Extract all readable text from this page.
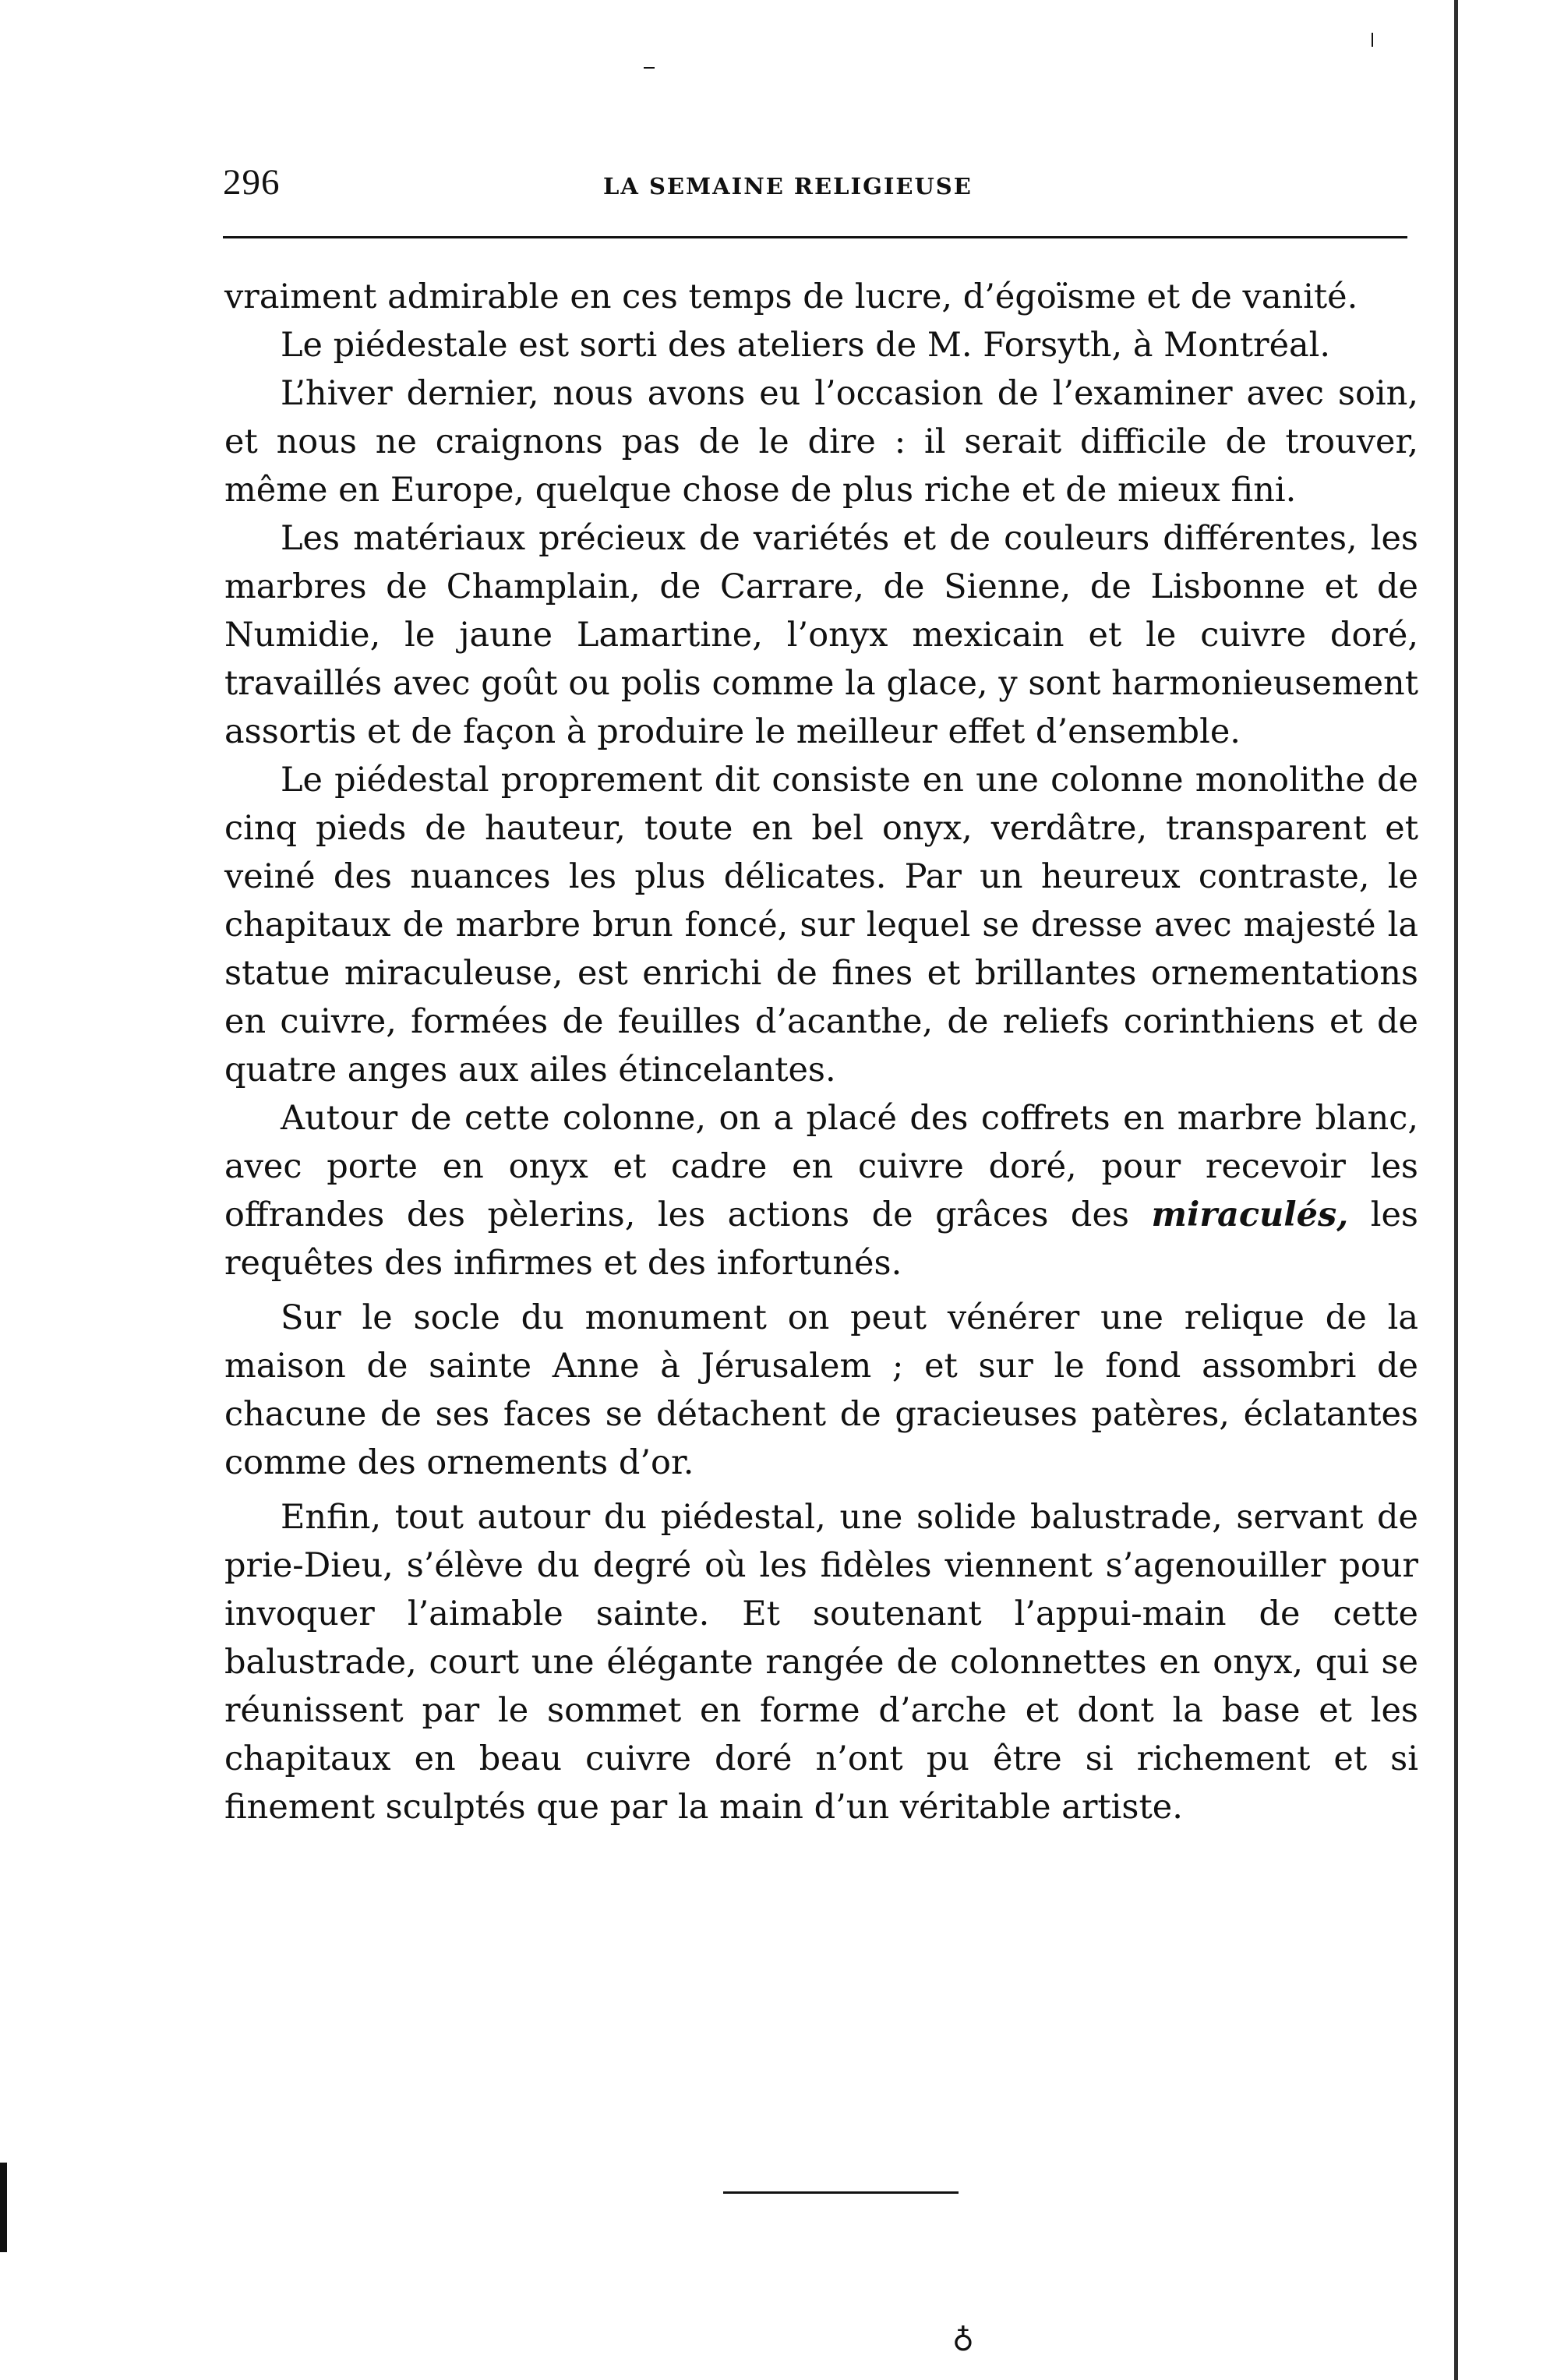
296	LA SEMAINE RELIGIEUSE

vraiment admirable en ces temps de lucre, d’égoïsme et de vanité.

Le piédestale est sorti des ateliers de M. Forsyth, à Montréal.

L’hiver dernier, nous avons eu l’occasion de l’examiner avec soin, et nous ne craignons pas de le dire : il serait difficile de trouver, même en Europe, quelque chose de plus riche et de mieux fini.

Les matériaux précieux de variétés et de couleurs différentes, les marbres de Champlain, de Carrare, de Sienne, de Lisbonne et de Numidie, le jaune Lamartine, l’onyx mexicain et le cuivre doré, travaillés avec goût ou polis comme la glace, y sont harmonieusement assortis et de façon à produire le meilleur effet d’ensemble.

Le piédestal proprement dit consiste en une colonne monolithe de cinq pieds de hauteur, toute en bel onyx, verdâtre, transparent et veiné des nuances les plus délicates. Par un heureux contraste, le chapitaux de marbre brun foncé, sur lequel se dresse avec majesté la statue miraculeuse, est enrichi de fines et brillantes ornementations en cuivre, formées de feuilles d’acanthe, de reliefs corinthiens et de quatre anges aux ailes étincelantes.

Autour de cette colonne, on a placé des coffrets en marbre blanc, avec porte en onyx et cadre en cuivre doré, pour recevoir les offrandes des pèlerins, les actions de grâces des miraculés, les requêtes des infirmes et des infortunés.

Sur le socle du monument on peut vénérer une relique de la maison de sainte Anne à Jérusalem ; et sur le fond assombri de chacune de ses faces se détachent de gracieuses patères, éclatantes comme des ornements d’or.

Enfin, tout autour du piédestal, une solide balustrade, servant de prie-Dieu, s’élève du degré où les fidèles viennent s’agenouiller pour invoquer l’aimable sainte. Et soutenant l’appui-main de cette balustrade, court une élégante rangée de colonnettes en onyx, qui se réunissent par le sommet en forme d’arche et dont la base et les chapitaux en beau cuivre doré n’ont pu être si richement et si finement sculptés que par la main d’un véritable artiste.

♁
